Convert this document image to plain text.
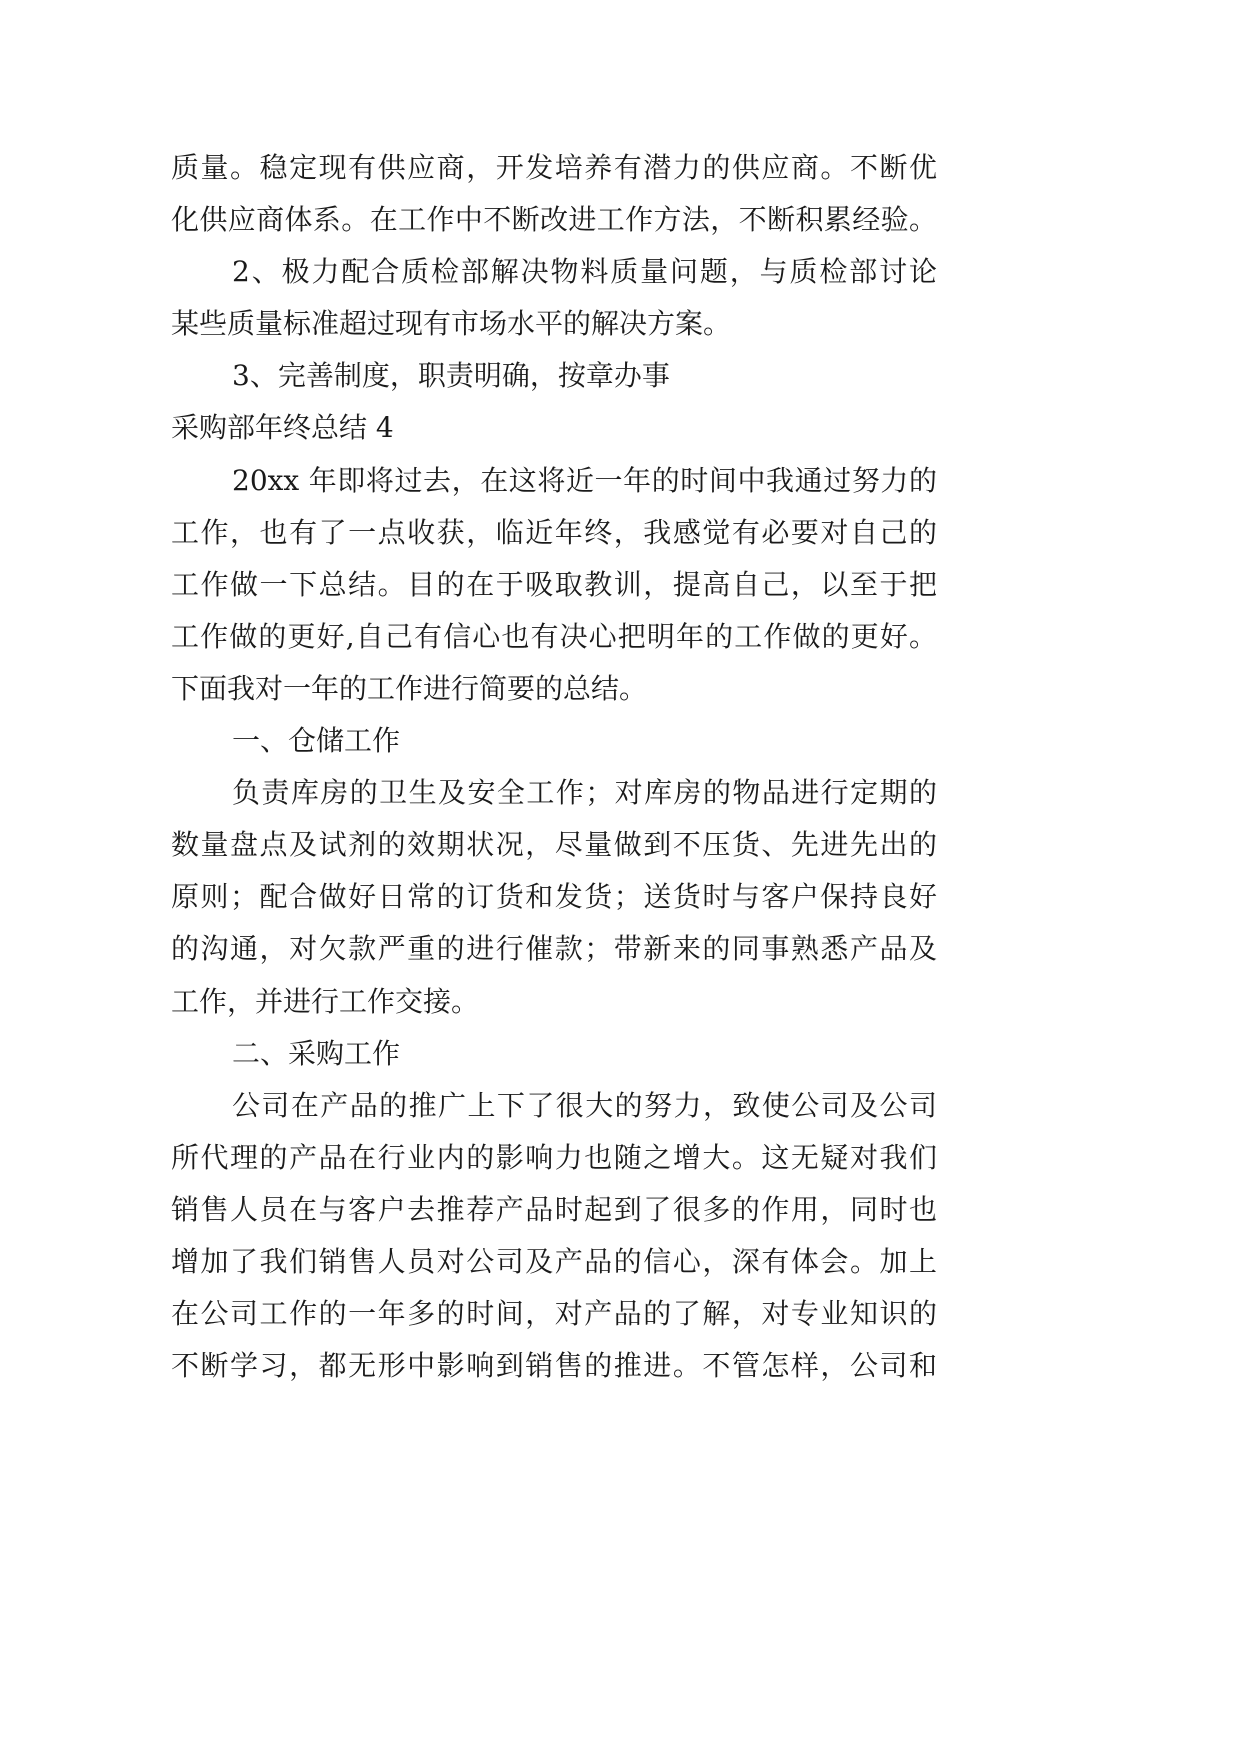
质量。稳定现有供应商，开发培养有潜力的供应商。不断优
化供应商体系。在工作中不断改进工作方法，不断积累经验。
2、极力配合质检部解决物料质量问题，与质检部讨论
某些质量标准超过现有市场水平的解决方案。
3、完善制度，职责明确，按章办事
采购部年终总结 4
20xx 年即将过去，在这将近一年的时间中我通过努力的
工作，也有了一点收获，临近年终，我感觉有必要对自己的
工作做一下总结。目的在于吸取教训，提高自己，以至于把
工作做的更好,自己有信心也有决心把明年的工作做的更好。
下面我对一年的工作进行简要的总结。
一、仓储工作
负责库房的卫生及安全工作；对库房的物品进行定期的
数量盘点及试剂的效期状况，尽量做到不压货、先进先出的
原则；配合做好日常的订货和发货；送货时与客户保持良好
的沟通，对欠款严重的进行催款；带新来的同事熟悉产品及
工作，并进行工作交接。
二、采购工作
公司在产品的推广上下了很大的努力，致使公司及公司
所代理的产品在行业内的影响力也随之增大。这无疑对我们
销售人员在与客户去推荐产品时起到了很多的作用，同时也
增加了我们销售人员对公司及产品的信心，深有体会。加上
在公司工作的一年多的时间，对产品的了解，对专业知识的
不断学习，都无形中影响到销售的推进。不管怎样，公司和
